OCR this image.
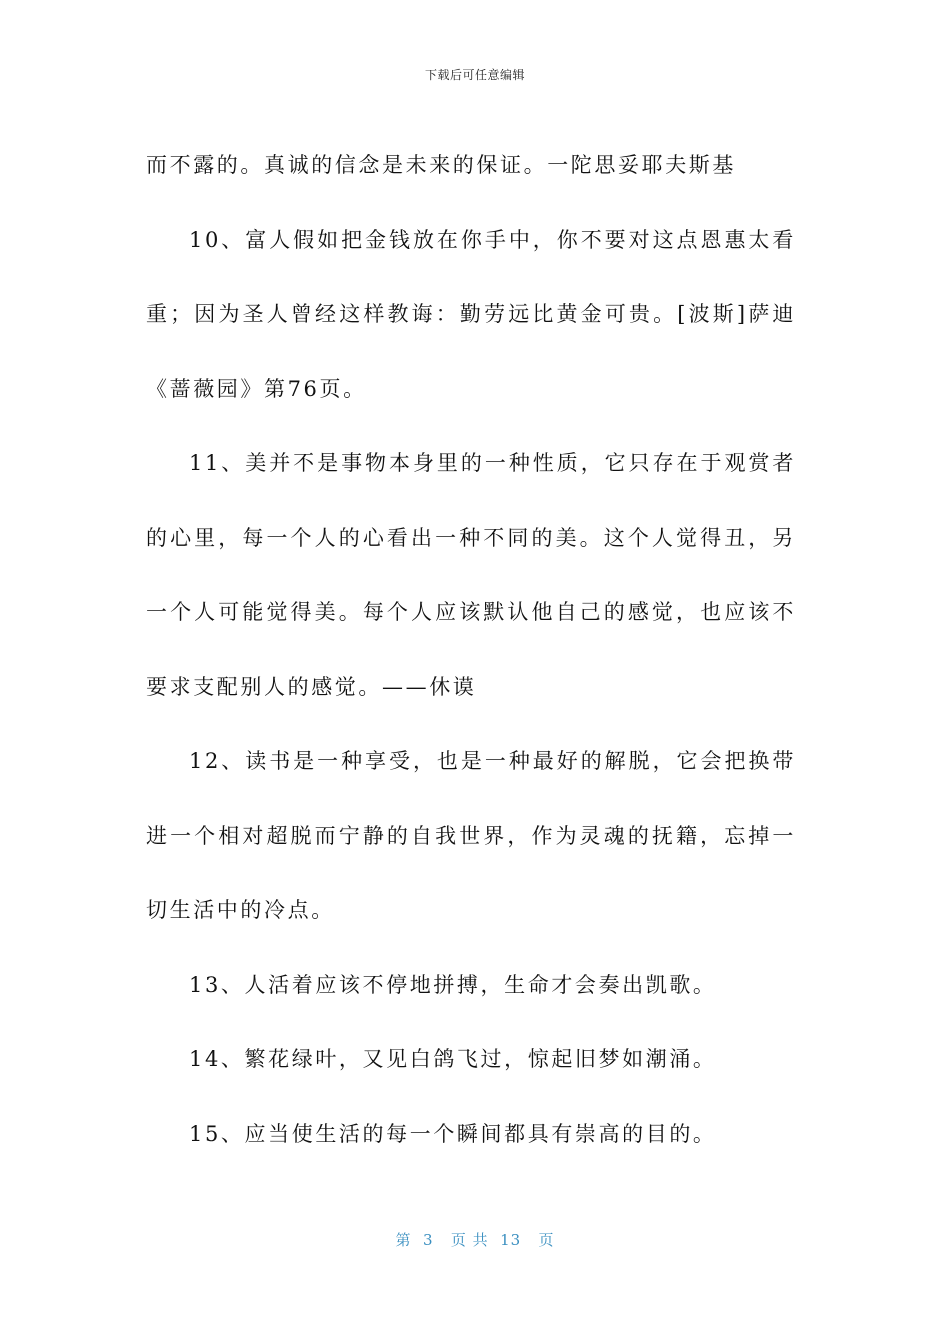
下载后可任意编辑

而不露的。真诚的信念是未来的保证。一陀思妥耶夫斯基

10、富人假如把金钱放在你手中，你不要对这点恩惠太看重；因为圣人曾经这样教诲：勤劳远比黄金可贵。[波斯]萨迪《蔷薇园》第76页。

11、美并不是事物本身里的一种性质，它只存在于观赏者的心里，每一个人的心看出一种不同的美。这个人觉得丑，另一个人可能觉得美。每个人应该默认他自己的感觉，也应该不要求支配别人的感觉。——休谟

12、读书是一种享受，也是一种最好的解脱，它会把换带进一个相对超脱而宁静的自我世界，作为灵魂的抚籍，忘掉一切生活中的冷点。

13、人活着应该不停地拼搏，生命才会奏出凯歌。

14、繁花绿叶，又见白鸽飞过，惊起旧梦如潮涌。

15、应当使生活的每一个瞬间都具有崇高的目的。

第  3   页 共  13   页
